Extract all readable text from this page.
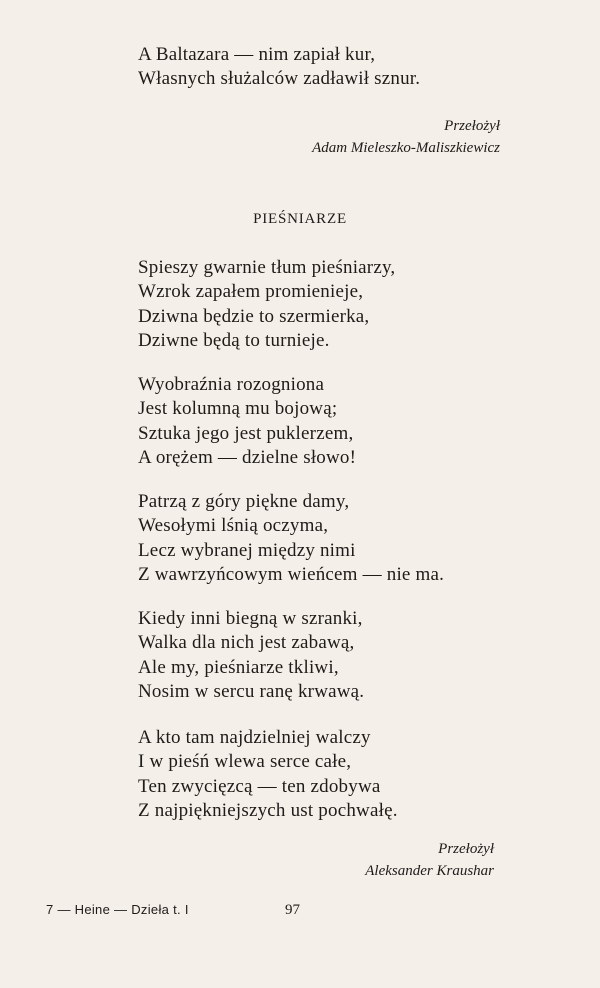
A Baltazara — nim zapiał kur,
Własnych służalców zadławił sznur.
Przełożył
Adam Mieleszko-Maliszkiewicz
PIEŚNIARZE
Spieszy gwarnie tłum pieśniarzy,
Wzrok zapałem promienieje,
Dziwna będzie to szermierka,
Dziwne będą to turnieje.
Wyobraźnia rozogniona
Jest kolumną mu bojową;
Sztuka jego jest puklerzem,
A orężem — dzielne słowo!
Patrzą z góry piękne damy,
Wesołymi lśnią oczyma,
Lecz wybranej między nimi
Z wawrzyńcowym wieńcem — nie ma.
Kiedy inni biegną w szranki,
Walka dla nich jest zabawą,
Ale my, pieśniarze tkliwi,
Nosim w sercu ranę krwawą.
A kto tam najdzielniej walczy
I w pieśń wlewa serce całe,
Ten zwycięzcą — ten zdobywa
Z najpiękniejszych ust pochwałę.
Przełożył
Aleksander Kraushar
7 — Heine — Dzieła t. I	97
